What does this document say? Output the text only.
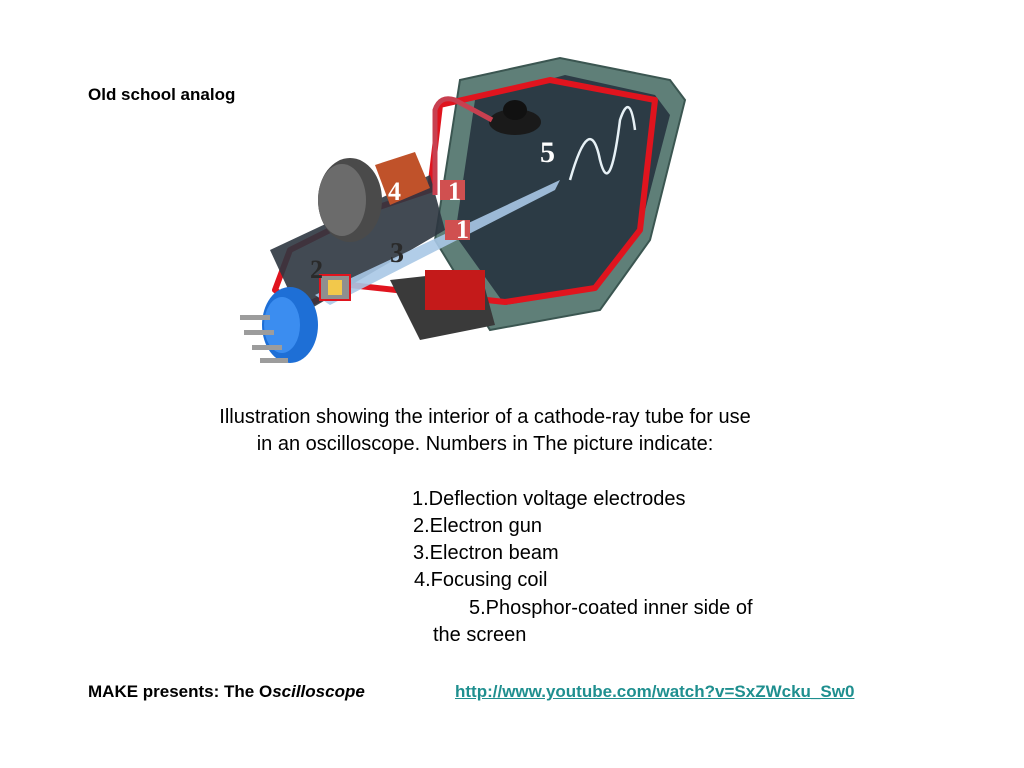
Old school analog
5
4 1
1
3
2
Illustration showing the interior of a cathode-ray tube for use
in an oscilloscope. Numbers in The picture indicate:
1.Deflection voltage electrodes
2.Electron gun
3.Electron beam
4.Focusing coil
5.Phosphor-coated inner side of
the screen
MAKE presents: The Oscilloscope	http://www.youtube.com/watch?v=SxZWcku_Sw0
